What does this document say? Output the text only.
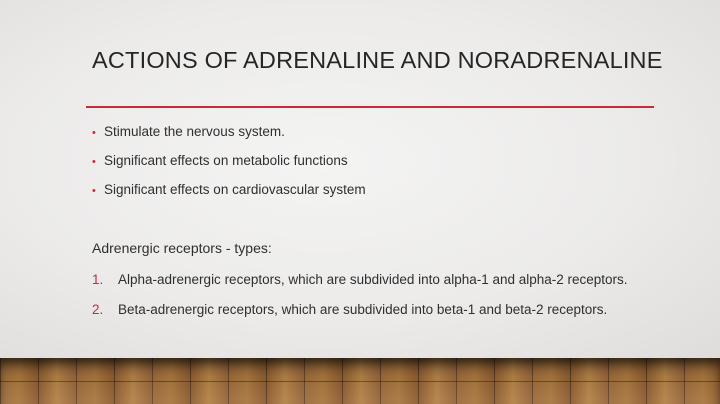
ACTIONS OF ADRENALINE AND NORADRENALINE
• Stimulate the nervous system.
• Significant effects on metabolic functions
• Significant effects on cardiovascular system
Adrenergic receptors - types:
1. Alpha-adrenergic receptors, which are subdivided into alpha-1 and alpha-2 receptors.
2. Beta-adrenergic receptors, which are subdivided into beta-1 and beta-2 receptors.
